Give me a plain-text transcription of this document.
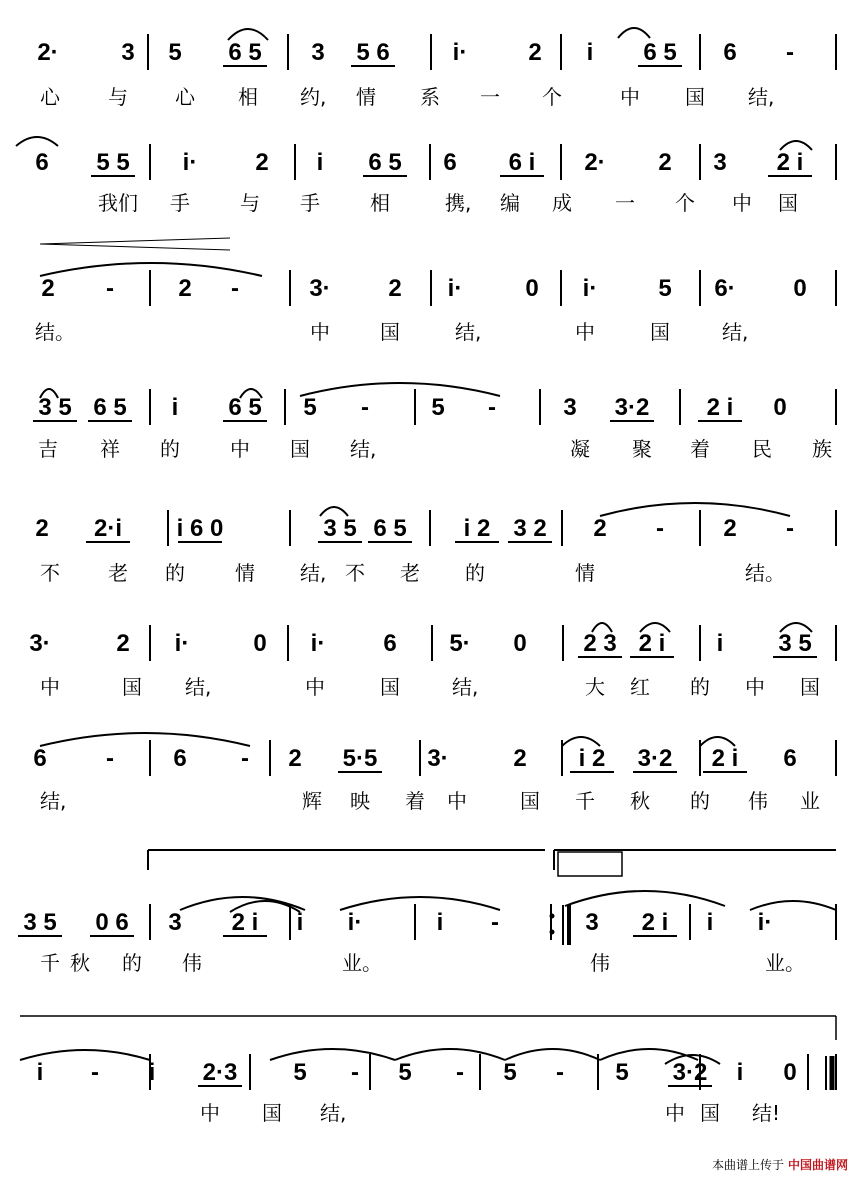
2·	3 5 6 5 3 5 6	i·	2 i 6 5 6 -
心 与 心 相 约, 情 系 一 个	中 国 结,
6 5 5 i· 2 i 6 5 6 6 i 2· 2 3 2 i
我们 手	与 手	相	携, 编 成 一 个 中 国
2 -	2 -	3· 2 i·	0 i·	5 6· 0
结。	中	国	结,	中	国	结,
3 5 6 5 i 6 5 5 -	5 -	3 3·2 2 i 0
吉 祥 的	中 国 结,	凝 聚 着 民 族
2 2·i i 6 0	3 5 6 5 i 2 3 2 2 - 2 -
不 老 的	情 结, 不 老 的	情	结。
3·	2 i·	0 i· 6 5· 0 2 3 2 i i 3 5
中	国 结,	中	国	结,	大 红 的 中 国
6 - 6 - 2 5·5 3·	2 i 2 3·2 2 i 6
结,	辉 映 着 中	国 千 秋 的 伟 业
3 5 0 6 3 2 i i i·	i -	3 2 i i i·
千 秋 的 伟	业。	伟	业。
i - i 2·3 5 - 5 - 5 - 5 3·2 i 0
中 国 结,	中 国 结!
本曲谱上传于 中国曲谱网
